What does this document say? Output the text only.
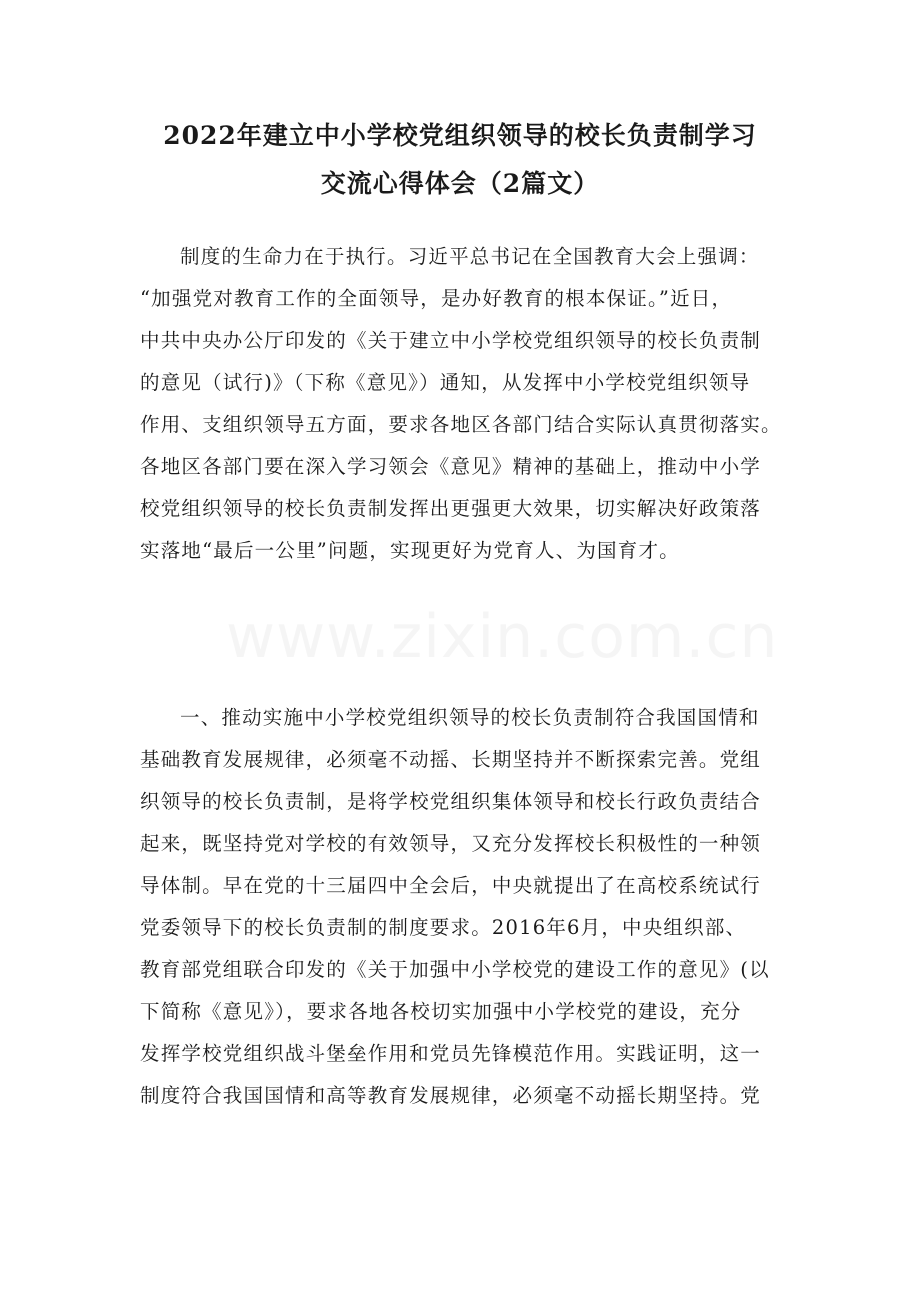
2022年建立中小学校党组织领导的校长负责制学习
交流心得体会（2篇文）
制度的生命力在于执行。习近平总书记在全国教育大会上强调：
“加强党对教育工作的全面领导，是办好教育的根本保证。”近日，
中共中央办公厅印发的《关于建立中小学校党组织领导的校长负责制
的意见（试行)》（下称《意见》）通知，从发挥中小学校党组织领导
作用、支组织领导五方面，要求各地区各部门结合实际认真贯彻落实。
各地区各部门要在深入学习领会《意见》精神的基础上，推动中小学
校党组织领导的校长负责制发挥出更强更大效果，切实解决好政策落
实落地“最后一公里”问题，实现更好为党育人、为国育才。
www.zixin.com.cn
一、推动实施中小学校党组织领导的校长负责制符合我国国情和
基础教育发展规律，必须毫不动摇、长期坚持并不断探索完善。党组
织领导的校长负责制，是将学校党组织集体领导和校长行政负责结合
起来，既坚持党对学校的有效领导，又充分发挥校长积极性的一种领
导体制。早在党的十三届四中全会后，中央就提出了在高校系统试行
党委领导下的校长负责制的制度要求。2016年6月，中央组织部、
教育部党组联合印发的《关于加强中小学校党的建设工作的意见》(以
下简称《意见》），要求各地各校切实加强中小学校党的建设，充分
发挥学校党组织战斗堡垒作用和党员先锋模范作用。实践证明，这一
制度符合我国国情和高等教育发展规律，必须毫不动摇长期坚持。党
